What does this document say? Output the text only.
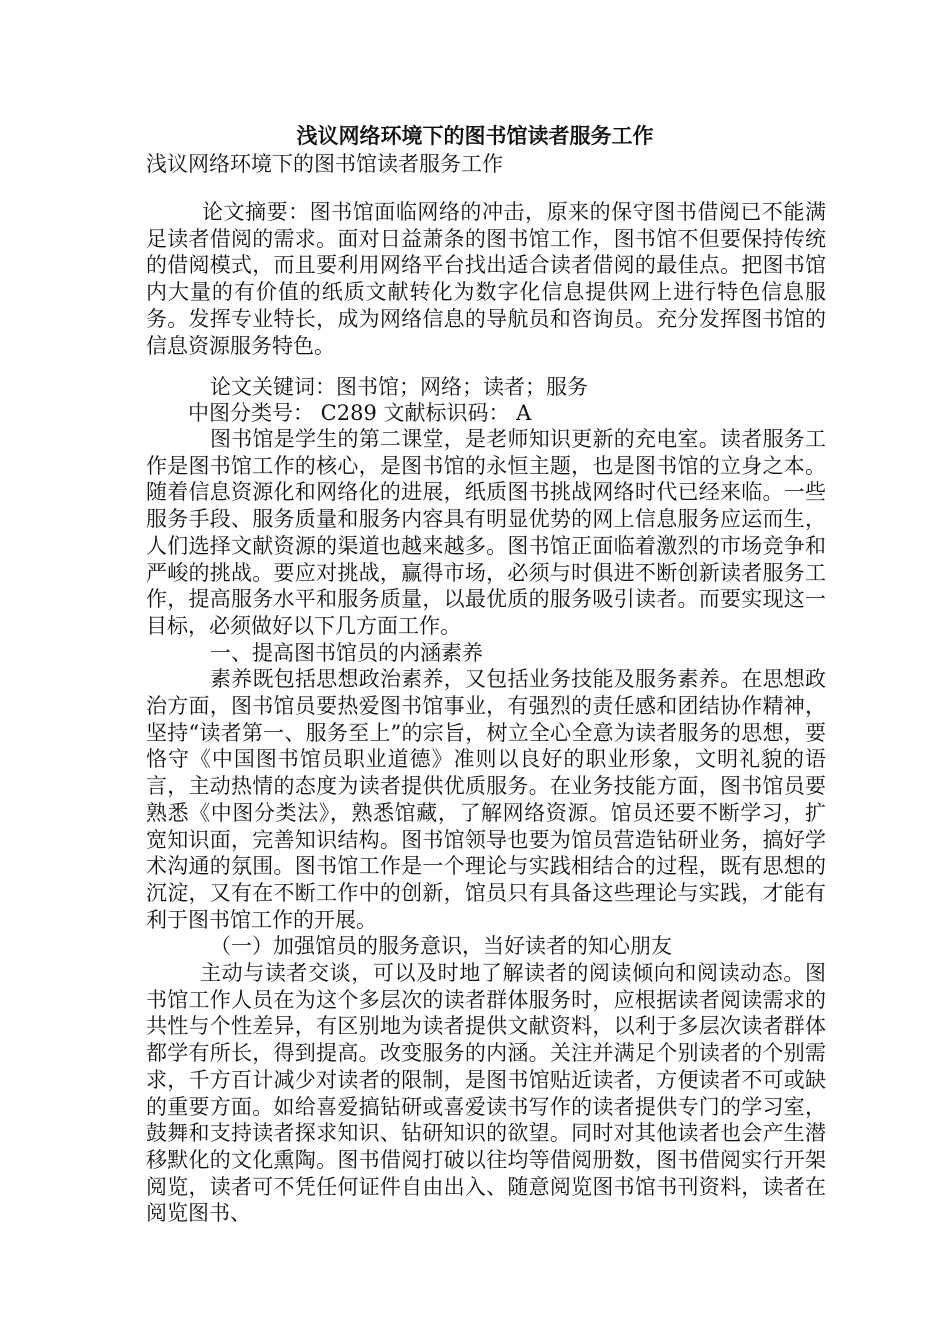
浅议网络环境下的图书馆读者服务工作
浅议网络环境下的图书馆读者服务工作

论文摘要：图书馆面临网络的冲击，原来的保守图书借阅已不能满足读者借阅的需求。面对日益萧条的图书馆工作，图书馆不但要保持传统的借阅模式，而且要利用网络平台找出适合读者借阅的最佳点。把图书馆内大量的有价值的纸质文献转化为数字化信息提供网上进行特色信息服务。发挥专业特长，成为网络信息的导航员和咨询员。充分发挥图书馆的信息资源服务特色。

论文关键词：图书馆；网络；读者；服务

中图分类号： C289 文献标识码： A

图书馆是学生的第二课堂，是老师知识更新的充电室。读者服务工作是图书馆工作的核心，是图书馆的永恒主题，也是图书馆的立身之本。随着信息资源化和网络化的进展，纸质图书挑战网络时代已经来临。一些服务手段、服务质量和服务内容具有明显优势的网上信息服务应运而生，人们选择文献资源的渠道也越来越多。图书馆正面临着激烈的市场竞争和严峻的挑战。要应对挑战，赢得市场，必须与时俱进不断创新读者服务工作，提高服务水平和服务质量，以最优质的服务吸引读者。而要实现这一目标，必须做好以下几方面工作。

一、提高图书馆员的内涵素养

素养既包括思想政治素养，又包括业务技能及服务素养。在思想政治方面，图书馆员要热爱图书馆事业，有强烈的责任感和团结协作精神，坚持“读者第一、服务至上”的宗旨，树立全心全意为读者服务的思想，要恪守《中国图书馆员职业道德》准则以良好的职业形象，文明礼貌的语言，主动热情的态度为读者提供优质服务。在业务技能方面，图书馆员要熟悉《中图分类法》，熟悉馆藏，了解网络资源。馆员还要不断学习，扩宽知识面，完善知识结构。图书馆领导也要为馆员营造钻研业务，搞好学术沟通的氛围。图书馆工作是一个理论与实践相结合的过程，既有思想的沉淀，又有在不断工作中的创新，馆员只有具备这些理论与实践，才能有利于图书馆工作的开展。

（一）加强馆员的服务意识，当好读者的知心朋友

主动与读者交谈，可以及时地了解读者的阅读倾向和阅读动态。图书馆工作人员在为这个多层次的读者群体服务时，应根据读者阅读需求的共性与个性差异，有区别地为读者提供文献资料，以利于多层次读者群体都学有所长，得到提高。改变服务的内涵。关注并满足个别读者的个别需求，千方百计减少对读者的限制，是图书馆贴近读者，方便读者不可或缺的重要方面。如给喜爱搞钻研或喜爱读书写作的读者提供专门的学习室，鼓舞和支持读者探求知识、钻研知识的欲望。同时对其他读者也会产生潜移默化的文化熏陶。图书借阅打破以往均等借阅册数，图书借阅实行开架阅览，读者可不凭任何证件自由出入、随意阅览图书馆书刊资料，读者在阅览图书、
